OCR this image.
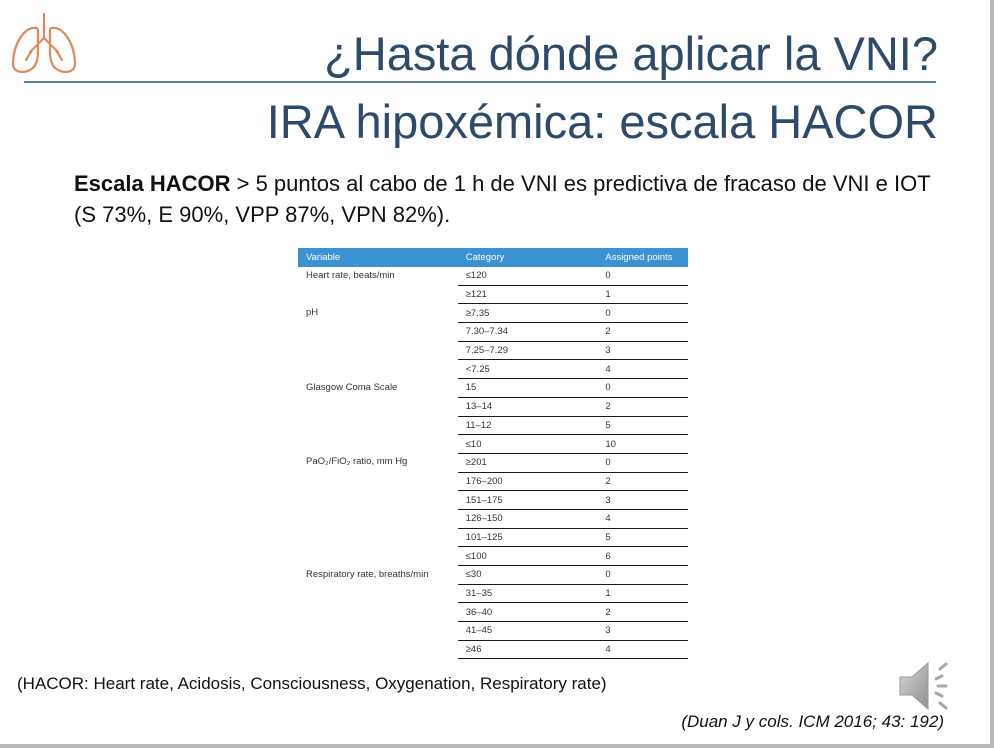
¿Hasta dónde aplicar la VNI?
IRA hipoxémica: escala HACOR
Escala HACOR > 5 puntos al cabo de 1 h de VNI es predictiva de fracaso de VNI e IOT (S 73%, E 90%, VPP 87%, VPN 82%).
Variable	Category	Assigned points
Heart rate, beats/min	≤120	0
	≥121	1
pH	≥7.35	0
	7.30–7.34	2
	7.25–7.29	3
	<7.25	4
Glasgow Coma Scale	15	0
	13–14	2
	11–12	5
	≤10	10
PaO₂/FiO₂ ratio, mm Hg	≥201	0
	176–200	2
	151–175	3
	126–150	4
	101–125	5
	≤100	6
Respiratory rate, breaths/min	≤30	0
	31–35	1
	36–40	2
	41–45	3
	≥46	4
(HACOR: Heart rate, Acidosis, Consciousness, Oxygenation, Respiratory rate)
(Duan J y cols. ICM 2016; 43: 192)
